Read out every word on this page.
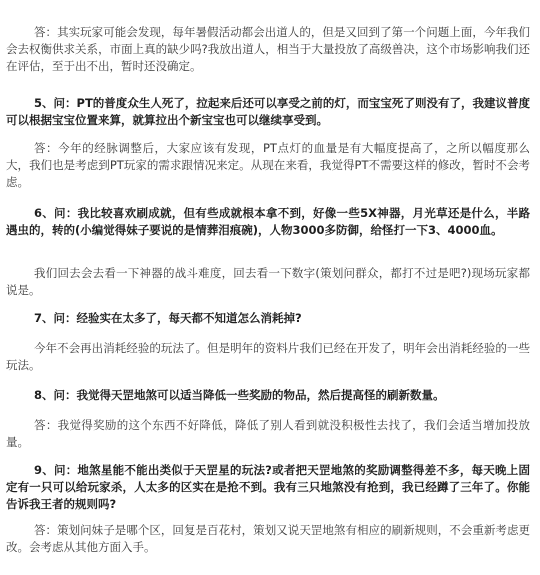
答：其实玩家可能会发现，每年暑假活动都会出道人的，但是又回到了第一个问题上面，今年我们会去权衡供求关系，市面上真的缺少吗?我放出道人，相当于大量投放了高级兽决，这个市场影响我们还在评估，至于出不出，暂时还没确定。

5、问：PT的普度众生人死了，拉起来后还可以享受之前的灯，而宝宝死了则没有了，我建议普度可以根据宝宝位置来算，就算拉出个新宝宝也可以继续享受到。

答：今年的经脉调整后，大家应该有发现，PT点灯的血量是有大幅度提高了，之所以幅度那么大，我们也是考虑到PT玩家的需求跟情况来定。从现在来看，我觉得PT不需要这样的修改，暂时不会考虑。

6、问：我比较喜欢刷成就，但有些成就根本拿不到，好像一些5X神器，月光草还是什么，半路遇虫的，转的(小编觉得妹子要说的是情葬泪痕碗)，人物3000多防御，给怪打一下3、4000血。

我们回去会去看一下神器的战斗难度，回去看一下数字(策划问群众，都打不过是吧?)现场玩家都说是。

7、问：经验实在太多了，每天都不知道怎么消耗掉?

今年不会再出消耗经验的玩法了。但是明年的资料片我们已经在开发了，明年会出消耗经验的一些玩法。

8、问：我觉得天罡地煞可以适当降低一些奖励的物品，然后提高怪的刷新数量。

答：我觉得奖励的这个东西不好降低，降低了别人看到就没积极性去找了，我们会适当增加投放量。

9、问：地煞星能不能出类似于天罡星的玩法?或者把天罡地煞的奖励调整得差不多，每天晚上固定有一只可以给玩家杀，人太多的区实在是抢不到。我有三只地煞没有抢到，我已经蹲了三年了。你能告诉我王者的规则吗?

答：策划问妹子是哪个区，回复是百花村，策划又说天罡地煞有相应的刷新规则，不会重新考虑更改。会考虑从其他方面入手。
